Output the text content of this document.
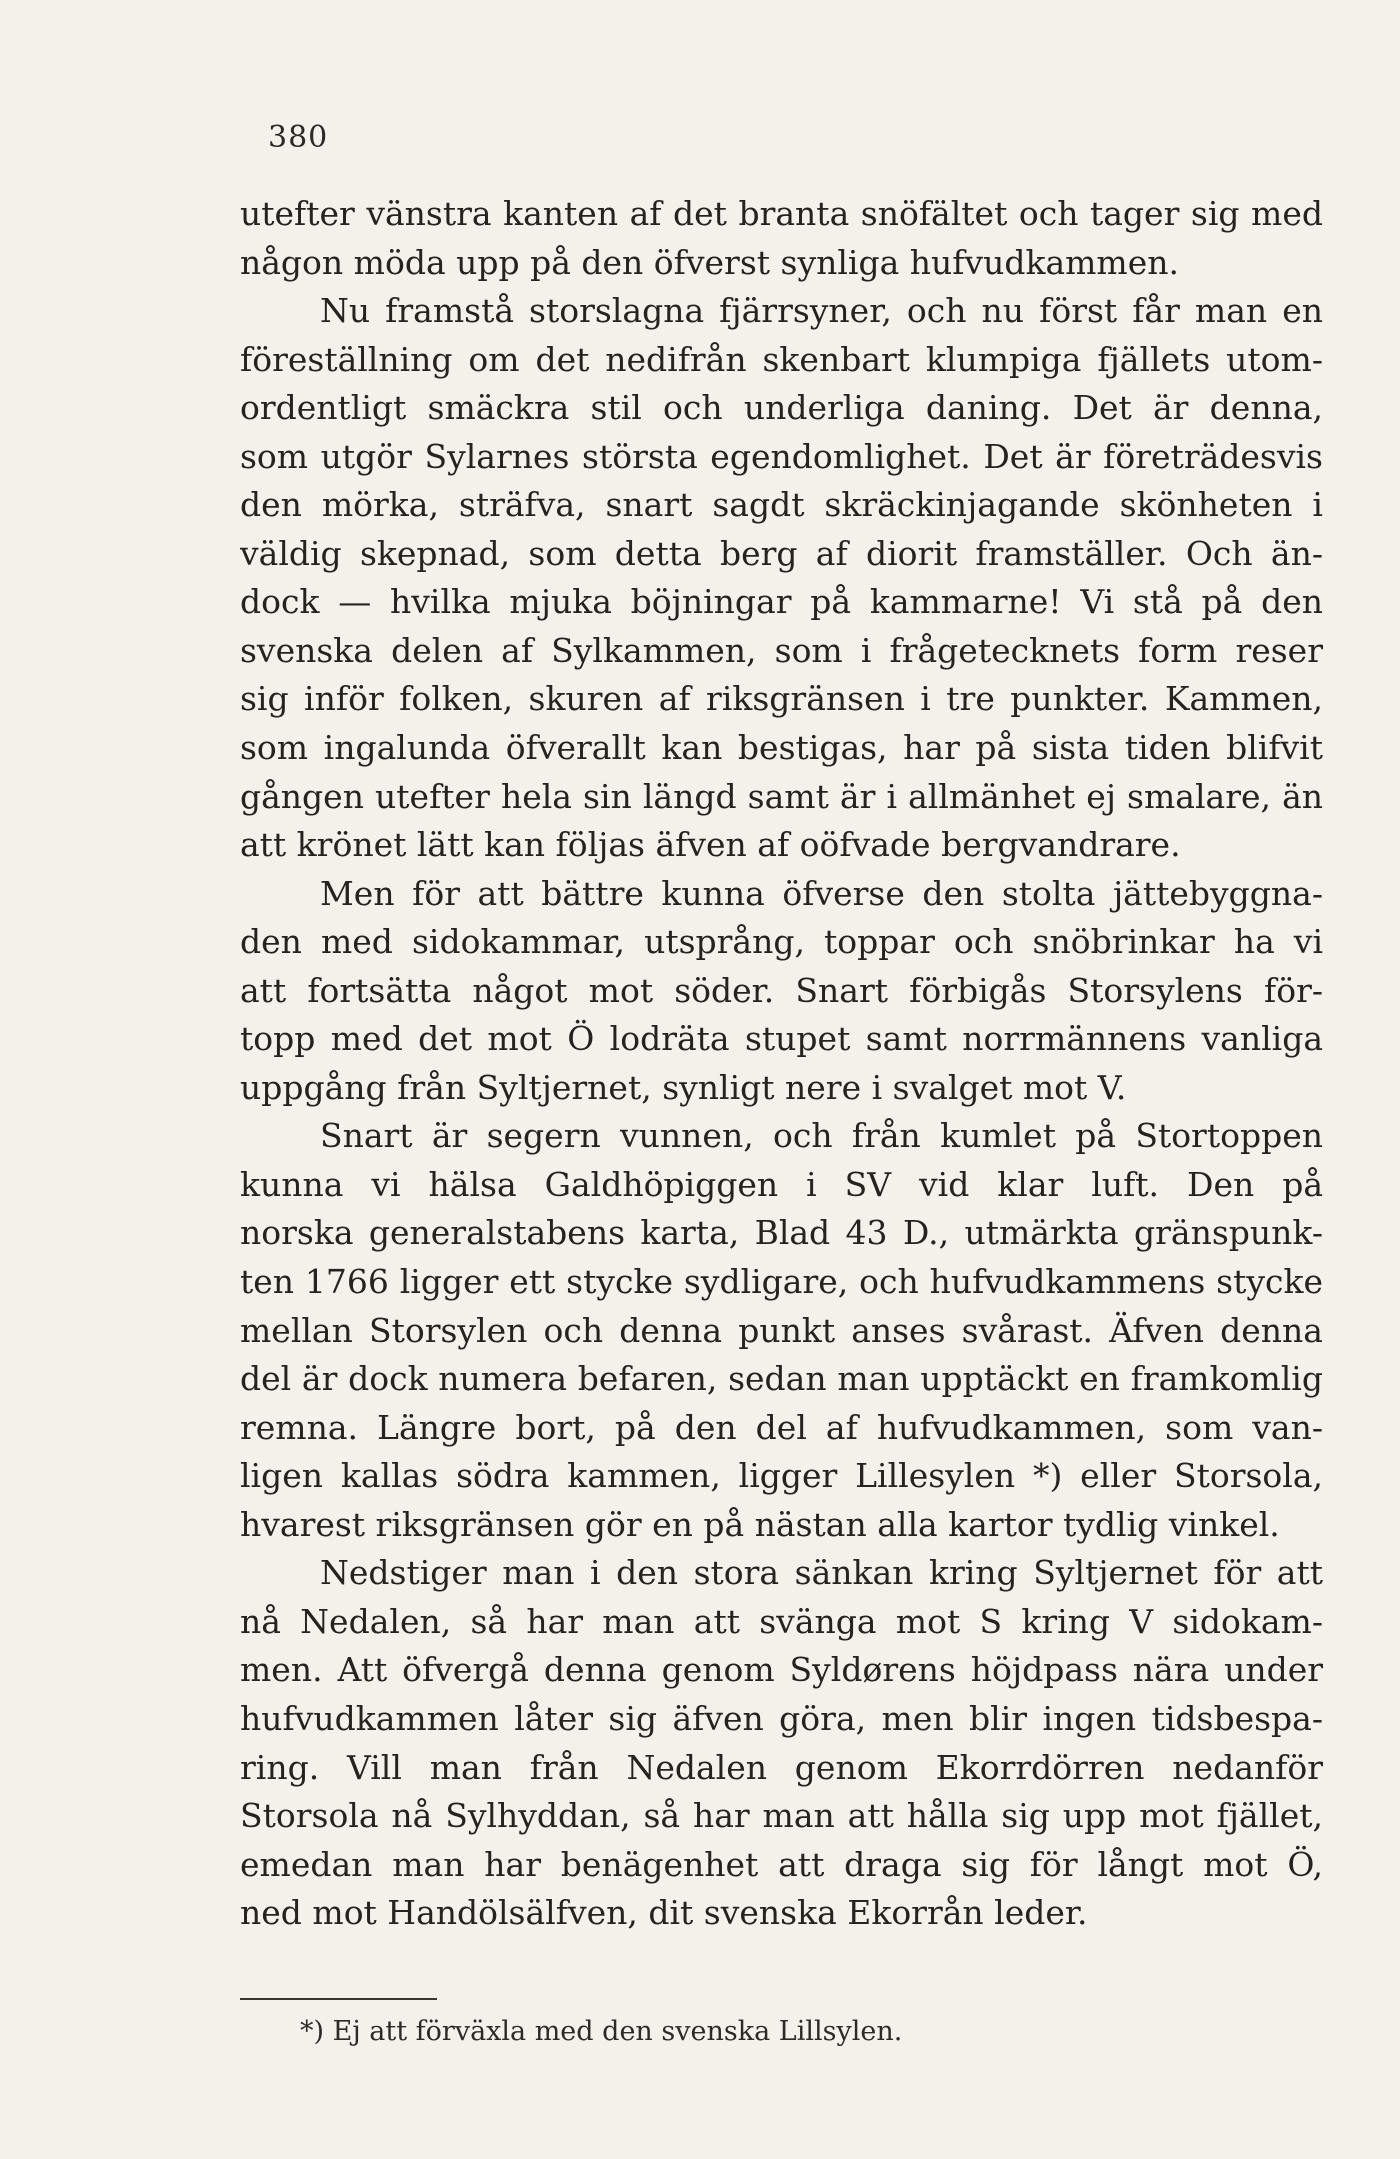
380
utefter vänstra kanten af det branta snöfältet och tager sig med
någon möda upp på den öfverst synliga hufvudkammen.
Nu framstå storslagna fjärrsyner, och nu först får man en
föreställning om det nedifrån skenbart klumpiga fjällets utom-
ordentligt smäckra stil och underliga daning. Det är denna,
som utgör Sylarnes största egendomlighet. Det är företrädesvis
den mörka, sträfva, snart sagdt skräckinjagande skönheten i
väldig skepnad, som detta berg af diorit framställer. Och än-
dock — hvilka mjuka böjningar på kammarne! Vi stå på den
svenska delen af Sylkammen, som i frågetecknets form reser
sig inför folken, skuren af riksgränsen i tre punkter. Kammen,
som ingalunda öfverallt kan bestigas, har på sista tiden blifvit
gången utefter hela sin längd samt är i allmänhet ej smalare, än
att krönet lätt kan följas äfven af oöfvade bergvandrare.
Men för att bättre kunna öfverse den stolta jättebyggna-
den med sidokammar, utsprång, toppar och snöbrinkar ha vi
att fortsätta något mot söder. Snart förbigås Storsylens för-
topp med det mot Ö lodräta stupet samt norrmännens vanliga
uppgång från Syltjernet, synligt nere i svalget mot V.
Snart är segern vunnen, och från kumlet på Stortoppen
kunna vi hälsa Galdhöpiggen i SV vid klar luft. Den på
norska generalstabens karta, Blad 43 D., utmärkta gränspunk-
ten 1766 ligger ett stycke sydligare, och hufvudkammens stycke
mellan Storsylen och denna punkt anses svårast. Äfven denna
del är dock numera befaren, sedan man upptäckt en framkomlig
remna. Längre bort, på den del af hufvudkammen, som van-
ligen kallas södra kammen, ligger Lillesylen *) eller Storsola,
hvarest riksgränsen gör en på nästan alla kartor tydlig vinkel.
Nedstiger man i den stora sänkan kring Syltjernet för att
nå Nedalen, så har man att svänga mot S kring V sidokam-
men. Att öfvergå denna genom Syldørens höjdpass nära under
hufvudkammen låter sig äfven göra, men blir ingen tidsbespa-
ring. Vill man från Nedalen genom Ekorrdörren nedanför
Storsola nå Sylhyddan, så har man att hålla sig upp mot fjället,
emedan man har benägenhet att draga sig för långt mot Ö,
ned mot Handölsälfven, dit svenska Ekorrån leder.
*) Ej att förväxla med den svenska Lillsylen.
